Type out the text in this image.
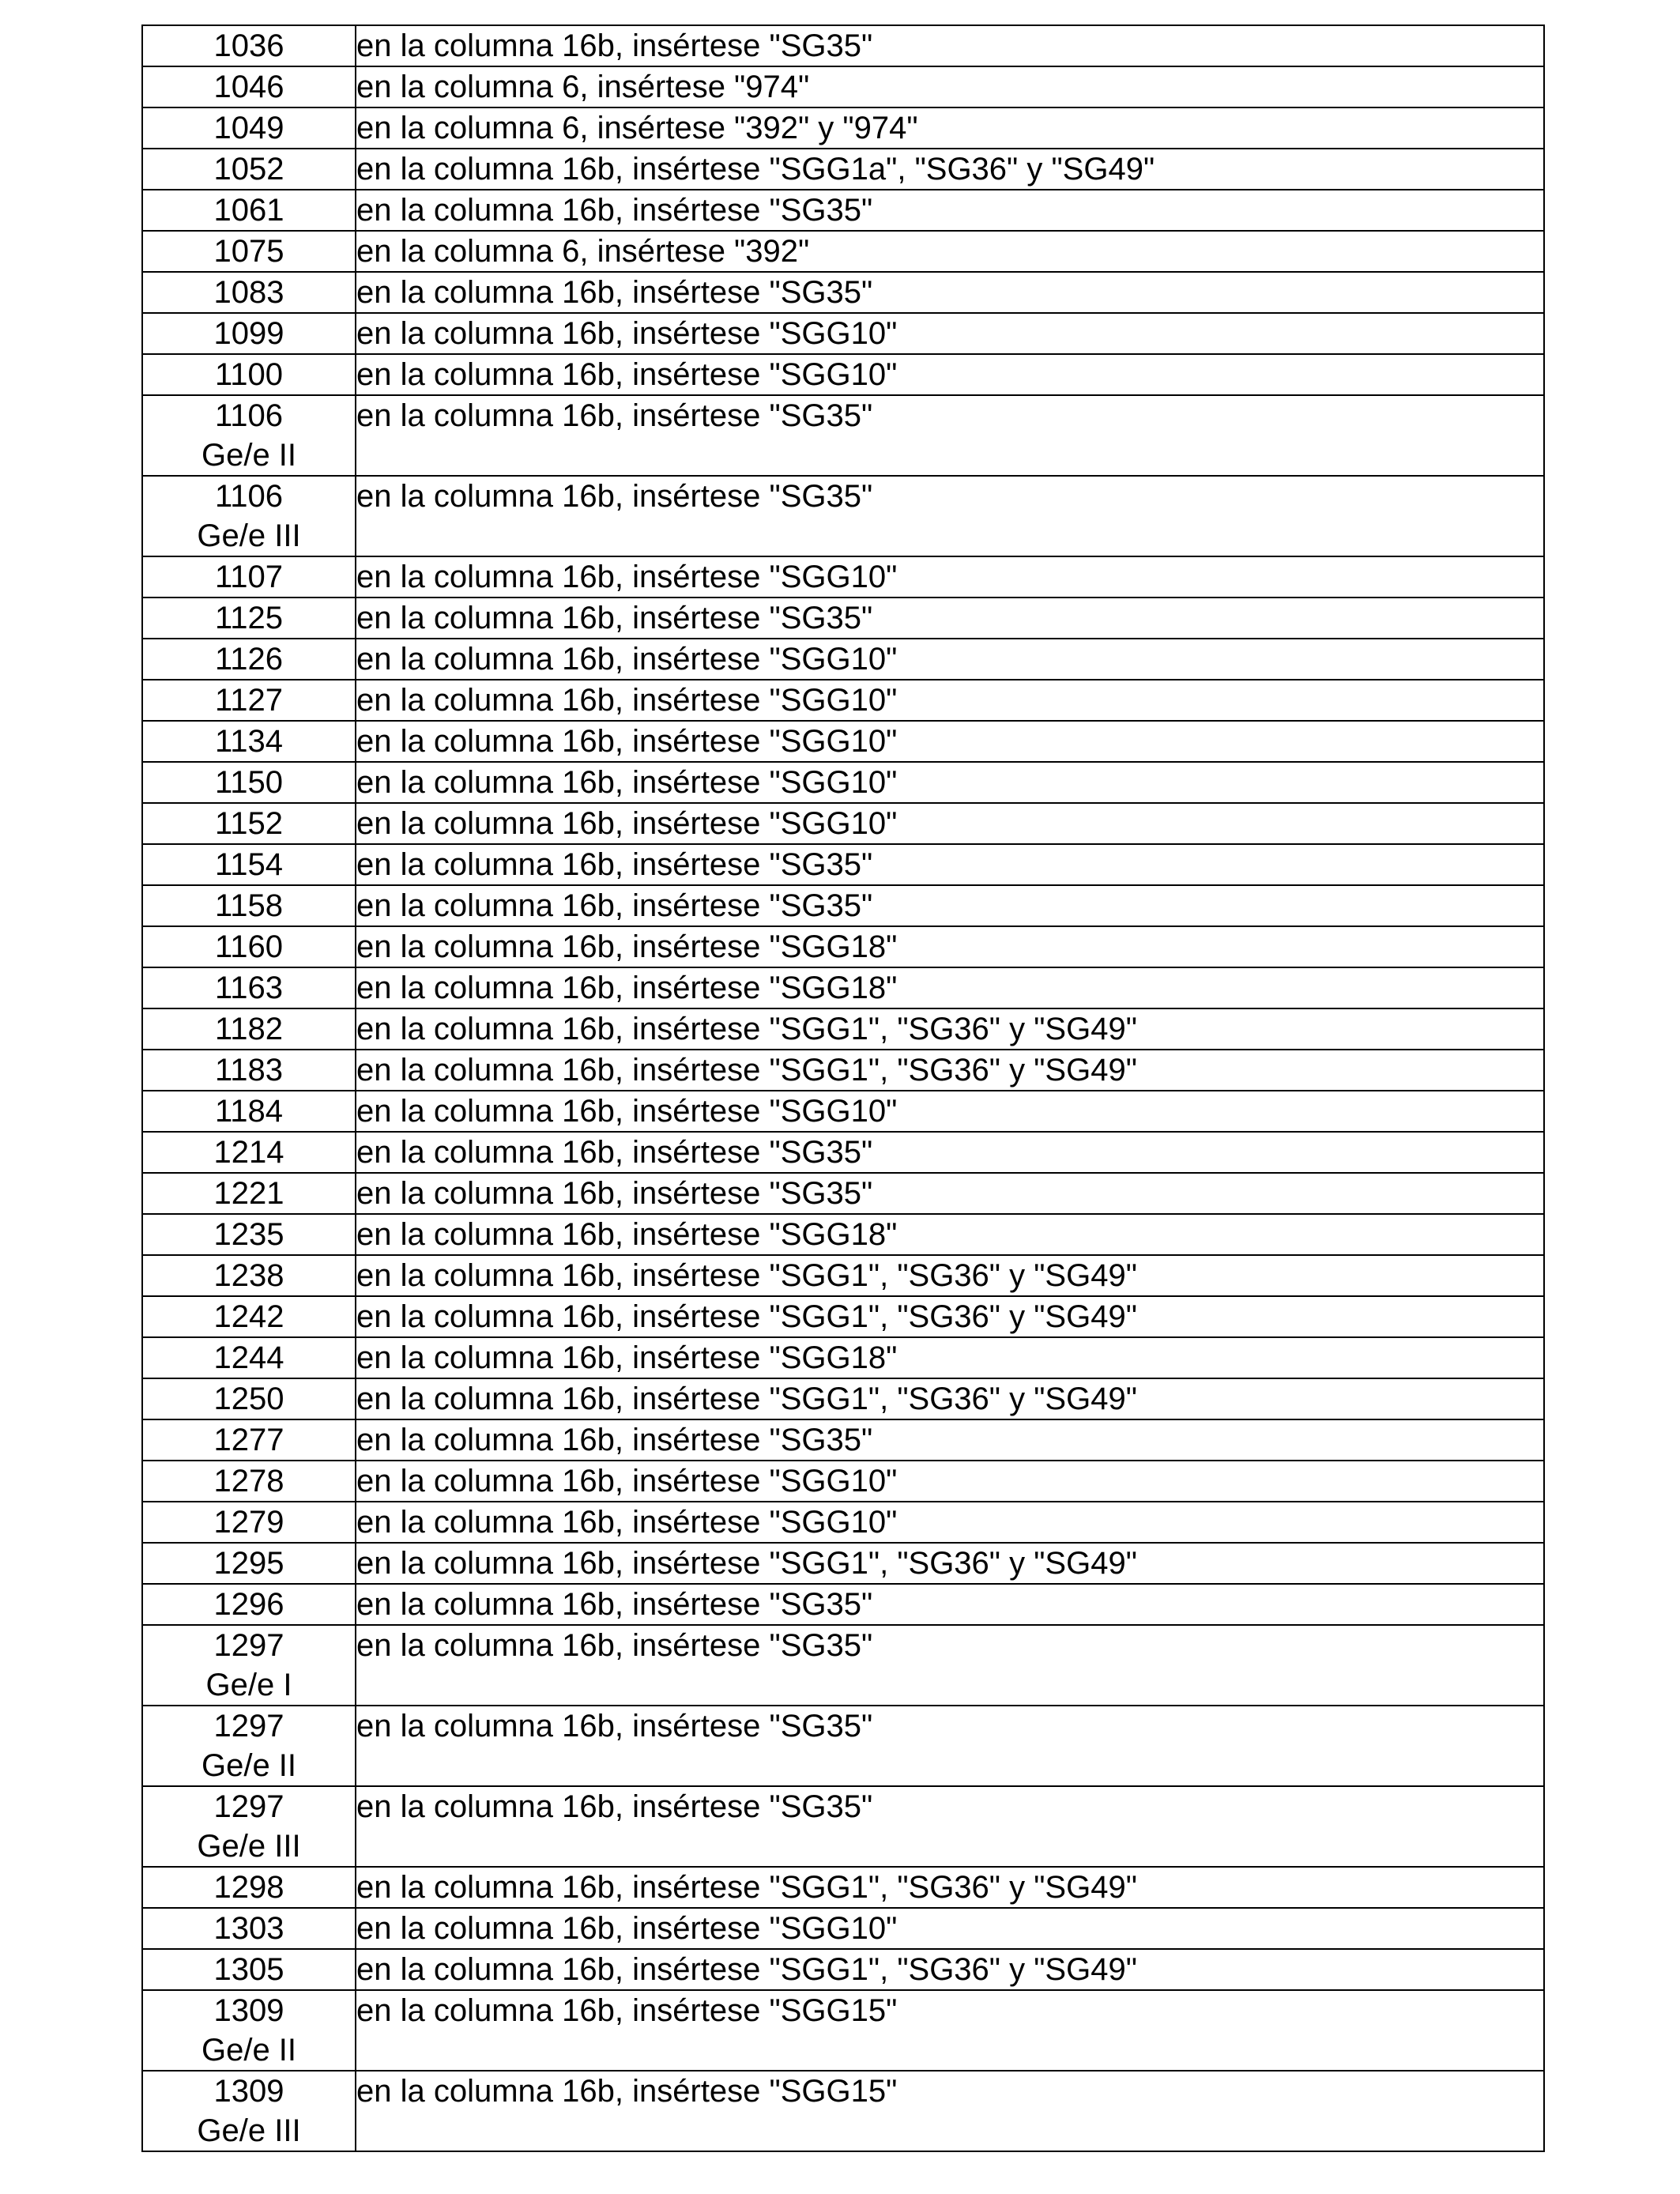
1036	en la columna 16b, insértese "SG35"

1046	en la columna 6, insértese "974"

1049	en la columna 6, insértese "392" y "974"

1052	en la columna 16b, insértese "SGG1a", "SG36" y "SG49"

1061	en la columna 16b, insértese "SG35"

1075	en la columna 6, insértese "392"

1083	en la columna 16b, insértese "SG35"

1099	en la columna 16b, insértese "SGG10"

1100	en la columna 16b, insértese "SGG10"

1106
Ge/e II	en la columna 16b, insértese "SG35"

1106
Ge/e III	en la columna 16b, insértese "SG35"

1107	en la columna 16b, insértese "SGG10"

1125	en la columna 16b, insértese "SG35"

1126	en la columna 16b, insértese "SGG10"

1127	en la columna 16b, insértese "SGG10"

1134	en la columna 16b, insértese "SGG10"

1150	en la columna 16b, insértese "SGG10"

1152	en la columna 16b, insértese "SGG10"

1154	en la columna 16b, insértese "SG35"

1158	en la columna 16b, insértese "SG35"

1160	en la columna 16b, insértese "SGG18"

1163	en la columna 16b, insértese "SGG18"

1182	en la columna 16b, insértese "SGG1", "SG36" y "SG49"

1183	en la columna 16b, insértese "SGG1", "SG36" y "SG49"

1184	en la columna 16b, insértese "SGG10"

1214	en la columna 16b, insértese "SG35"

1221	en la columna 16b, insértese "SG35"

1235	en la columna 16b, insértese "SGG18"

1238	en la columna 16b, insértese "SGG1", "SG36" y "SG49"

1242	en la columna 16b, insértese "SGG1", "SG36" y "SG49"

1244	en la columna 16b, insértese "SGG18"

1250	en la columna 16b, insértese "SGG1", "SG36" y "SG49"

1277	en la columna 16b, insértese "SG35"

1278	en la columna 16b, insértese "SGG10"

1279	en la columna 16b, insértese "SGG10"

1295	en la columna 16b, insértese "SGG1", "SG36" y "SG49"

1296	en la columna 16b, insértese "SG35"

1297
Ge/e I	en la columna 16b, insértese "SG35"

1297
Ge/e II	en la columna 16b, insértese "SG35"

1297
Ge/e III	en la columna 16b, insértese "SG35"

1298	en la columna 16b, insértese "SGG1", "SG36" y "SG49"

1303	en la columna 16b, insértese "SGG10"

1305	en la columna 16b, insértese "SGG1", "SG36" y "SG49"

1309
Ge/e II	en la columna 16b, insértese "SGG15"

1309
Ge/e III	en la columna 16b, insértese "SGG15"
